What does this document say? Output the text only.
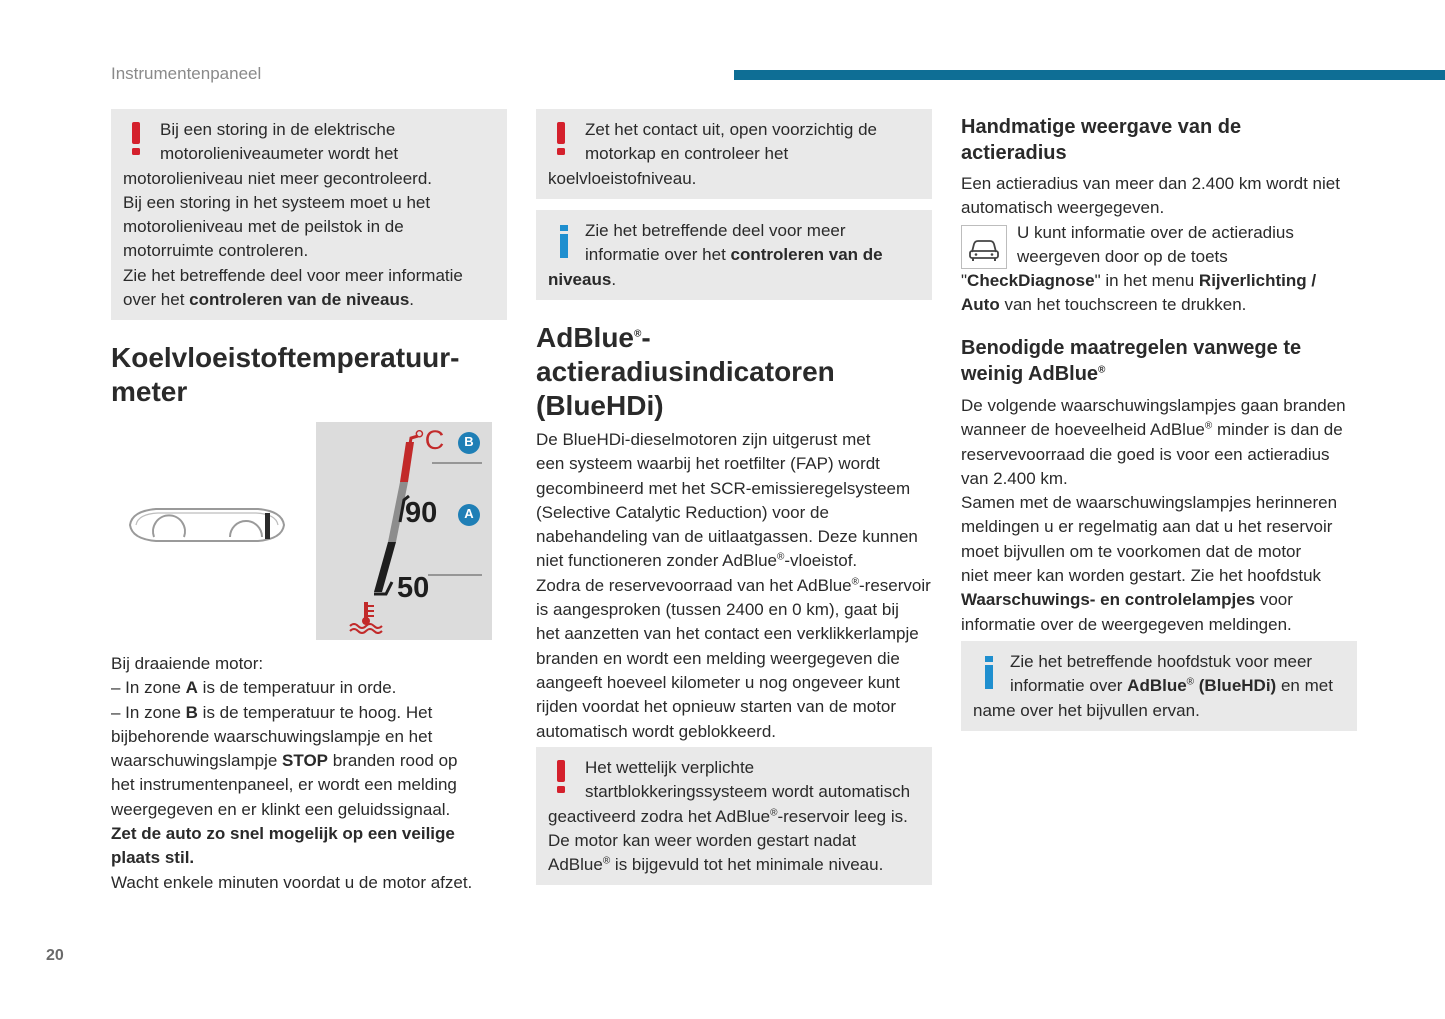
Instrumentenpaneel
20
Bij een storing in de elektrische
motorolieniveaumeter wordt het
motorolieniveau niet meer gecontroleerd.
Bij een storing in het systeem moet u het
motorolieniveau met de peilstok in de
motorruimte controleren.
Zie het betreffende deel voor meer informatie
over het controleren van de niveaus.
Koelvloeistoftemperatuur-
meter
°C B
A
90
50
Bij draaiende motor:
– In zone A is de temperatuur in orde.
– In zone B is de temperatuur te hoog. Het
bijbehorende waarschuwingslampje en het
waarschuwingslampje STOP branden rood op
het instrumentenpaneel, er wordt een melding
weergegeven en er klinkt een geluidssignaal.
Zet de auto zo snel mogelijk op een veilige
plaats stil.
Wacht enkele minuten voordat u de motor afzet.
Zet het contact uit, open voorzichtig de
motorkap en controleer het
koelvloeistofniveau.
Zie het betreffende deel voor meer
informatie over het controleren van de
niveaus.
AdBlue®-
actieradiusindicatoren
(BlueHDi)
De BlueHDi-dieselmotoren zijn uitgerust met
een systeem waarbij het roetfilter (FAP) wordt
gecombineerd met het SCR-emissieregelsysteem
(Selective Catalytic Reduction) voor de
nabehandeling van de uitlaatgassen. Deze kunnen
niet functioneren zonder AdBlue®-vloeistof.
Zodra de reservevoorraad van het AdBlue®-reservoir
is aangesproken (tussen 2400 en 0 km), gaat bij
het aanzetten van het contact een verklikkerlampje
branden en wordt een melding weergegeven die
aangeeft hoeveel kilometer u nog ongeveer kunt
rijden voordat het opnieuw starten van de motor
automatisch wordt geblokkeerd.
Het wettelijk verplichte
startblokkeringssysteem wordt automatisch
geactiveerd zodra het AdBlue®-reservoir leeg is.
De motor kan weer worden gestart nadat
AdBlue® is bijgevuld tot het minimale niveau.
Handmatige weergave van de
actieradius
Een actieradius van meer dan 2.400 km wordt niet
automatisch weergegeven.
U kunt informatie over de actieradius
weergeven door op de toets
"CheckDiagnose" in het menu Rijverlichting /
Auto van het touchscreen te drukken.
Benodigde maatregelen vanwege te
weinig AdBlue®
De volgende waarschuwingslampjes gaan branden
wanneer de hoeveelheid AdBlue® minder is dan de
reservevoorraad die goed is voor een actieradius
van 2.400 km.
Samen met de waarschuwingslampjes herinneren
meldingen u er regelmatig aan dat u het reservoir
moet bijvullen om te voorkomen dat de motor
niet meer kan worden gestart. Zie het hoofdstuk
Waarschuwings- en controlelampjes voor
informatie over de weergegeven meldingen.
Zie het betreffende hoofdstuk voor meer
informatie over AdBlue® (BlueHDi) en met
name over het bijvullen ervan.
